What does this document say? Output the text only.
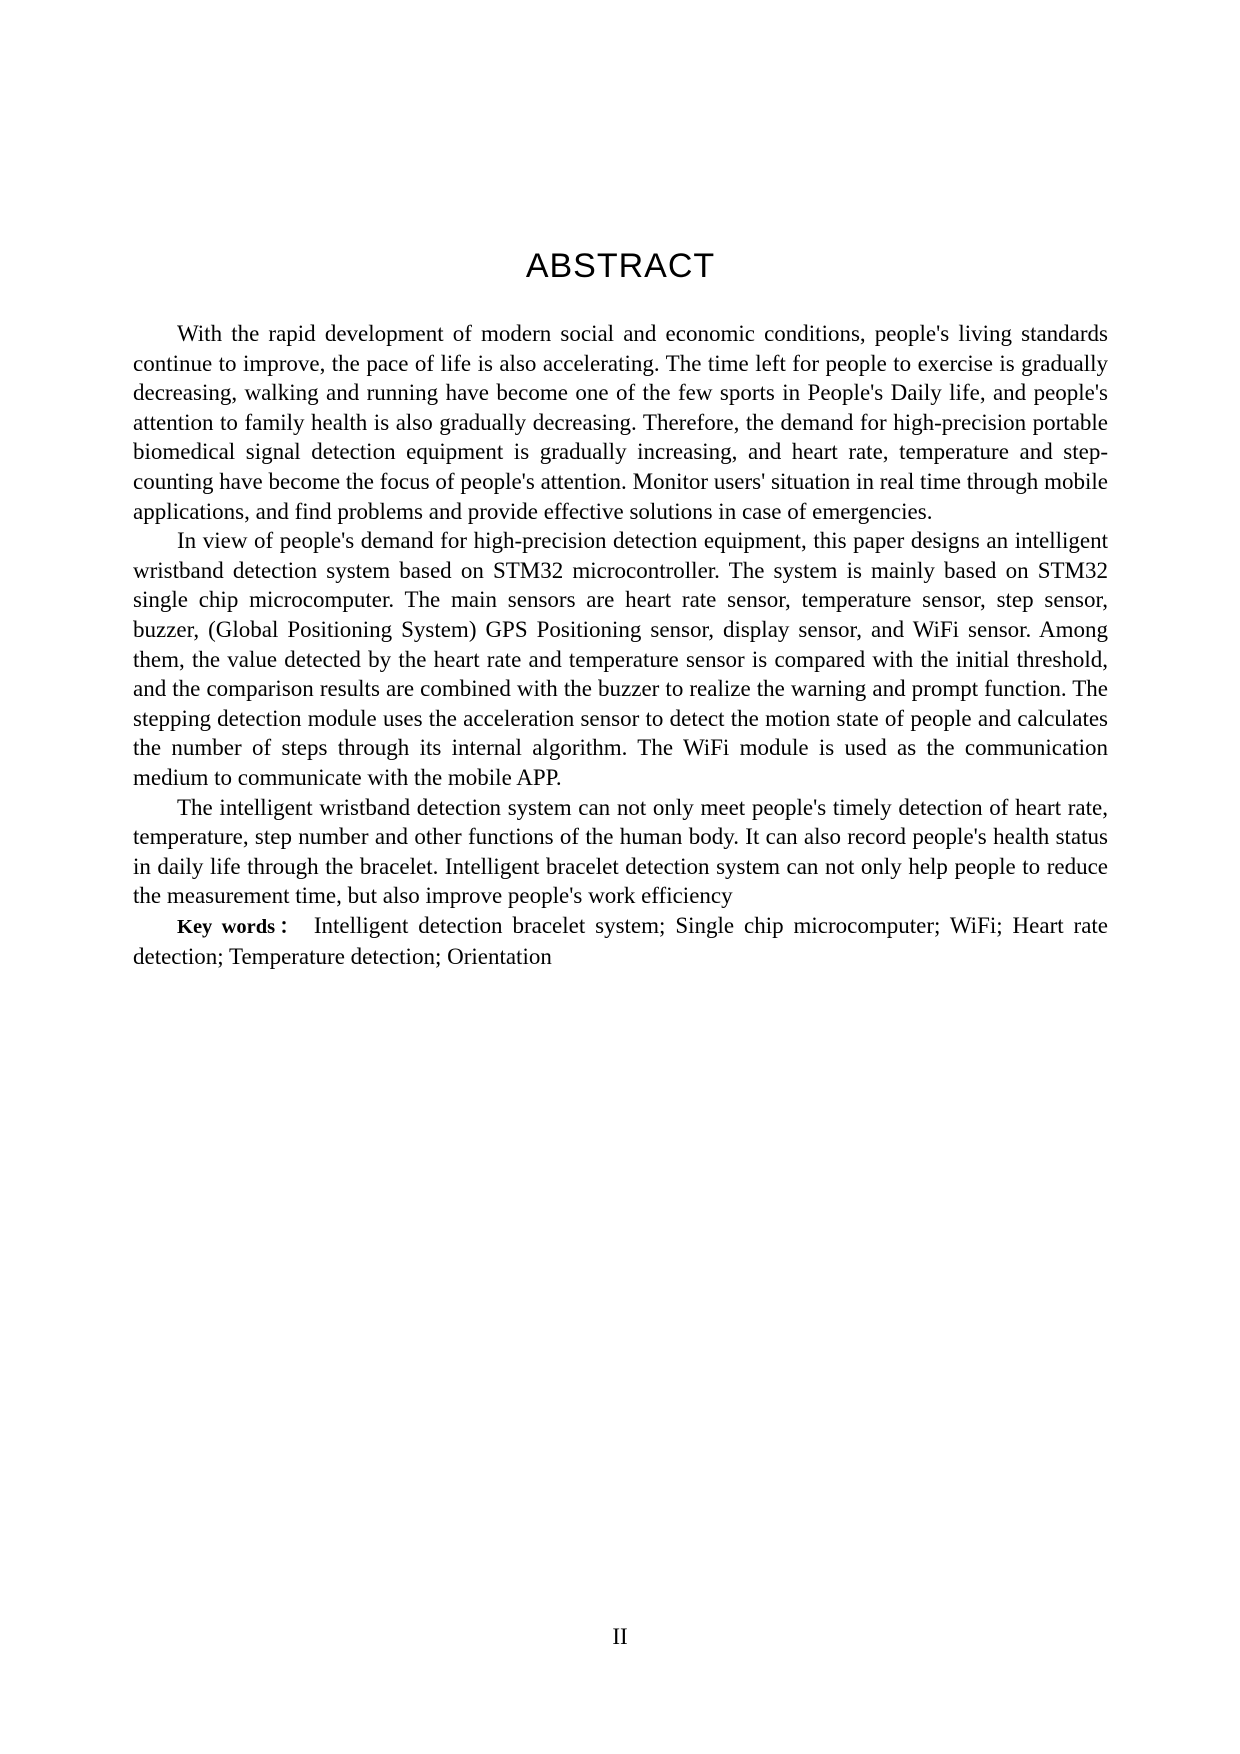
ABSTRACT

With the rapid development of modern social and economic conditions, people's living standards continue to improve, the pace of life is also accelerating. The time left for people to exercise is gradually decreasing, walking and running have become one of the few sports in People's Daily life, and people's attention to family health is also gradually decreasing. Therefore, the demand for high-precision portable biomedical signal detection equipment is gradually increasing, and heart rate, temperature and step-counting have become the focus of people's attention. Monitor users' situation in real time through mobile applications, and find problems and provide effective solutions in case of emergencies.

In view of people's demand for high-precision detection equipment, this paper designs an intelligent wristband detection system based on STM32 microcontroller. The system is mainly based on STM32 single chip microcomputer. The main sensors are heart rate sensor, temperature sensor, step sensor, buzzer, (Global Positioning System) GPS Positioning sensor, display sensor, and WiFi sensor. Among them, the value detected by the heart rate and temperature sensor is compared with the initial threshold, and the comparison results are combined with the buzzer to realize the warning and prompt function. The stepping detection module uses the acceleration sensor to detect the motion state of people and calculates the number of steps through its internal algorithm. The WiFi module is used as the communication medium to communicate with the mobile APP.

The intelligent wristband detection system can not only meet people's timely detection of heart rate, temperature, step number and other functions of the human body. It can also record people's health status in daily life through the bracelet. Intelligent bracelet detection system can not only help people to reduce the measurement time, but also improve people's work efficiency

Key words： Intelligent detection bracelet system; Single chip microcomputer; WiFi; Heart rate detection; Temperature detection; Orientation

II
